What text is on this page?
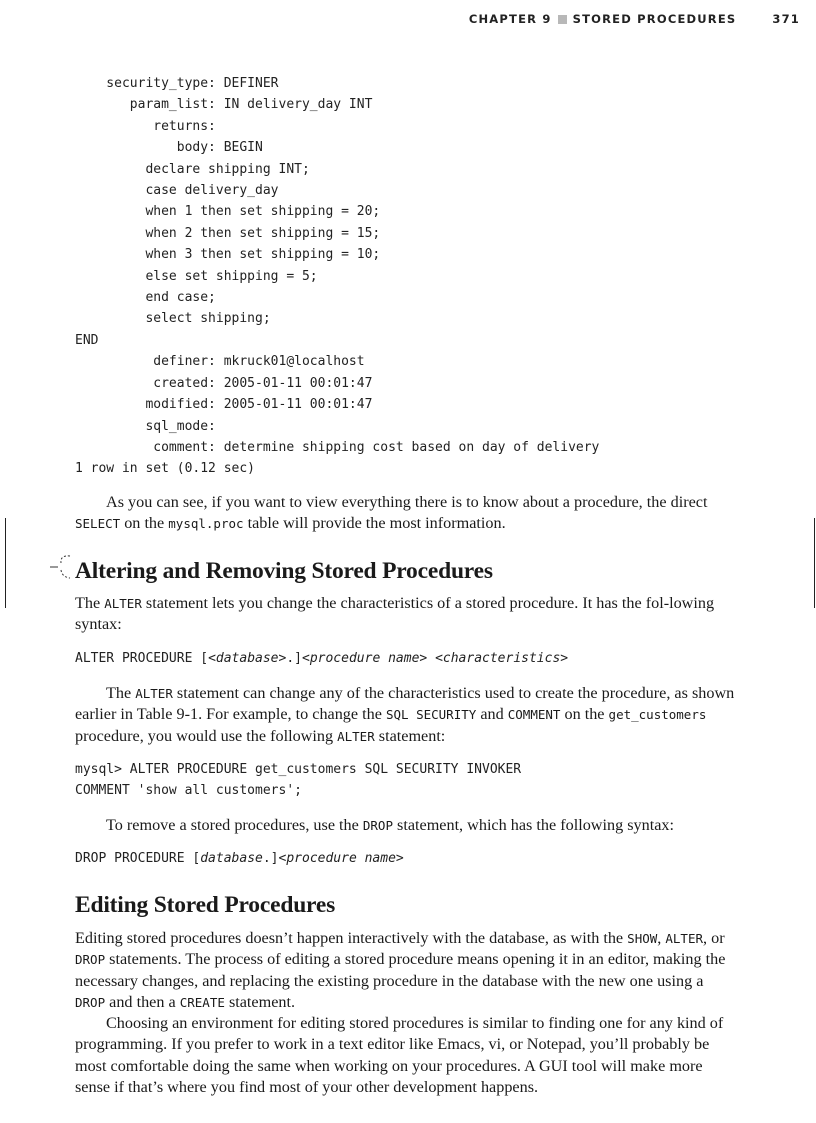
CHAPTER 9 STORED PROCEDURES	371
security_type: DEFINER
param_list: IN delivery_day INT
returns:
body: BEGIN
declare shipping INT;
case delivery_day
when 1 then set shipping = 20;
when 2 then set shipping = 15;
when 3 then set shipping = 10;
else set shipping = 5;
end case;
select shipping;
END
definer: mkruck01@localhost
created: 2005-01-11 00:01:47
modified: 2005-01-11 00:01:47
sql_mode:
comment: determine shipping cost based on day of delivery
1 row in set (0.12 sec)

As you can see, if you want to view everything there is to know about a procedure, the direct SELECT on the mysql.proc table will provide the most information.

Altering and Removing Stored Procedures

The ALTER statement lets you change the characteristics of a stored procedure. It has the fol-lowing syntax:

ALTER PROCEDURE [<database>.]<procedure name> <characteristics>

The ALTER statement can change any of the characteristics used to create the procedure, as shown earlier in Table 9-1. For example, to change the SQL SECURITY and COMMENT on the get_customers procedure, you would use the following ALTER statement:

mysql> ALTER PROCEDURE get_customers SQL SECURITY INVOKER
COMMENT 'show all customers';

To remove a stored procedures, use the DROP statement, which has the following syntax:

DROP PROCEDURE [database.]<procedure name>
Editing Stored Procedures

Editing stored procedures doesn’t happen interactively with the database, as with the SHOW, ALTER, or DROP statements. The process of editing a stored procedure means opening it in an editor, making the necessary changes, and replacing the existing procedure in the database with the new one using a DROP and then a CREATE statement.

Choosing an environment for editing stored procedures is similar to finding one for any kind of programming. If you prefer to work in a text editor like Emacs, vi, or Notepad, you’ll probably be most comfortable doing the same when working on your procedures. A GUI tool will make more sense if that’s where you find most of your other development happens.
